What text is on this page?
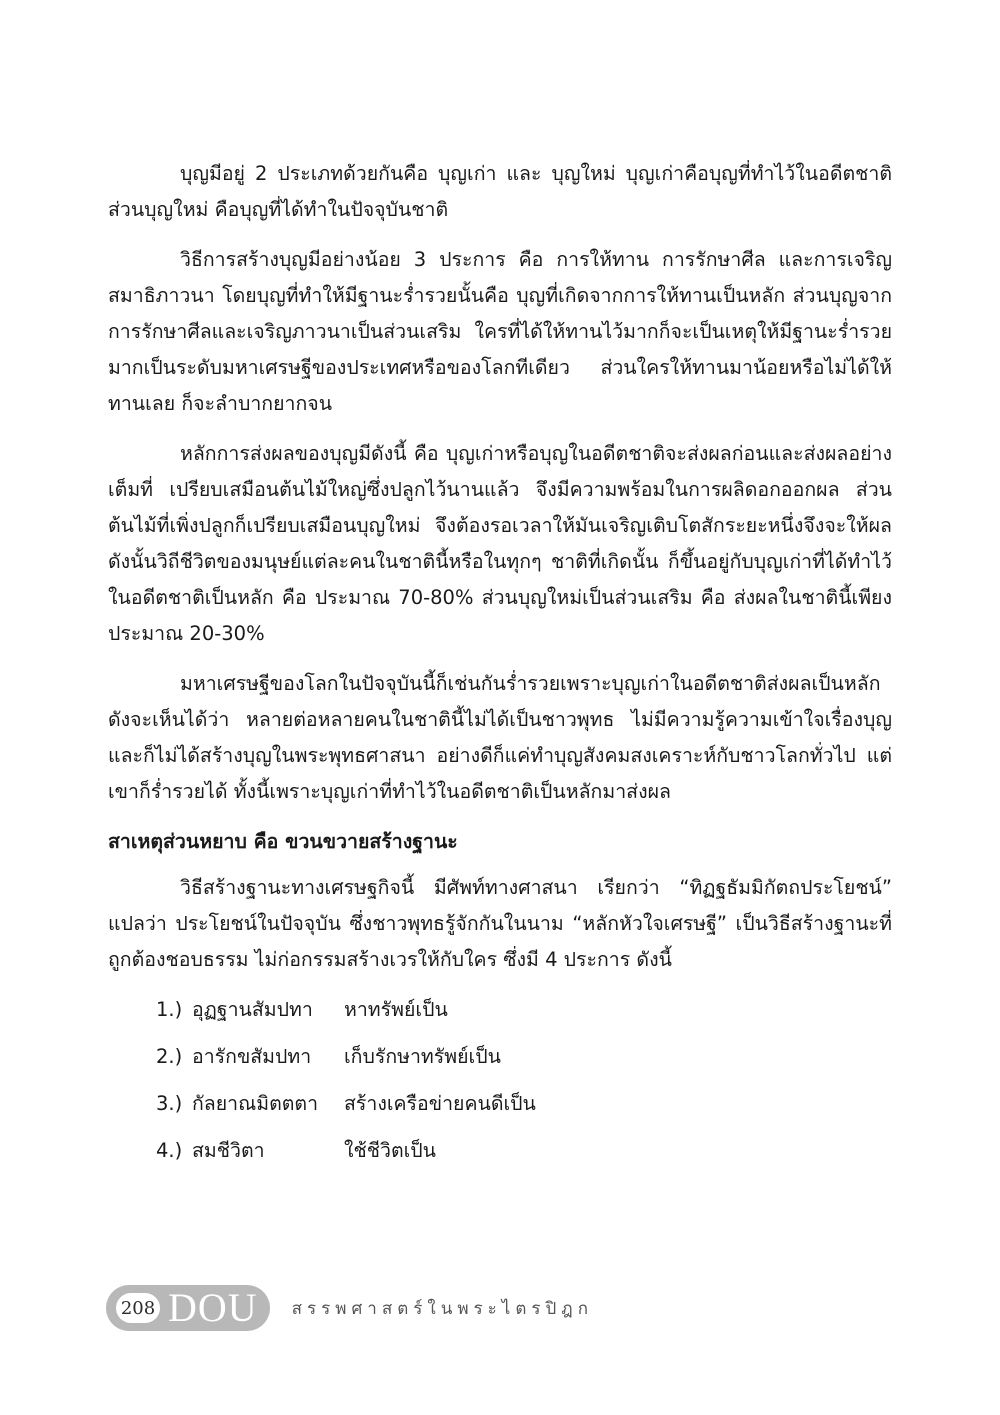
บุญมีอยู่ 2 ประเภทด้วยกันคือ บุญเก่า และ บุญใหม่ บุญเก่าคือบุญที่ทำไว้ในอดีตชาติ ส่วนบุญใหม่ คือบุญที่ได้ทำในปัจจุบันชาติ

วิธีการสร้างบุญมีอย่างน้อย 3 ประการ คือ การให้ทาน การรักษาศีล และการเจริญสมาธิภาวนา โดยบุญที่ทำให้มีฐานะร่ำรวยนั้นคือ บุญที่เกิดจากการให้ทานเป็นหลัก ส่วนบุญจากการรักษาศีลและเจริญภาวนาเป็นส่วนเสริม ใครที่ได้ให้ทานไว้มากก็จะเป็นเหตุให้มีฐานะร่ำรวยมากเป็นระดับมหาเศรษฐีของประเทศหรือของโลกทีเดียว ส่วนใครให้ทานมาน้อยหรือไม่ได้ให้ทานเลย ก็จะลำบากยากจน

หลักการส่งผลของบุญมีดังนี้ คือ บุญเก่าหรือบุญในอดีตชาติจะส่งผลก่อนและส่งผลอย่างเต็มที่ เปรียบเสมือนต้นไม้ใหญ่ซึ่งปลูกไว้นานแล้ว จึงมีความพร้อมในการผลิดอกออกผล ส่วนต้นไม้ที่เพิ่งปลูกก็เปรียบเสมือนบุญใหม่ จึงต้องรอเวลาให้มันเจริญเติบโตสักระยะหนึ่งจึงจะให้ผล ดังนั้นวิถีชีวิตของมนุษย์แต่ละคนในชาตินี้หรือในทุกๆ ชาติที่เกิดนั้น ก็ขึ้นอยู่กับบุญเก่าที่ได้ทำไว้ในอดีตชาติเป็นหลัก คือ ประมาณ 70-80% ส่วนบุญใหม่เป็นส่วนเสริม คือ ส่งผลในชาตินี้เพียงประมาณ 20-30%

มหาเศรษฐีของโลกในปัจจุบันนี้ก็เช่นกันร่ำรวยเพราะบุญเก่าในอดีตชาติส่งผลเป็นหลัก ดังจะเห็นได้ว่า หลายต่อหลายคนในชาตินี้ไม่ได้เป็นชาวพุทธ ไม่มีความรู้ความเข้าใจเรื่องบุญ และก็ไม่ได้สร้างบุญในพระพุทธศาสนา อย่างดีก็แค่ทำบุญสังคมสงเคราะห์กับชาวโลกทั่วไป แต่เขาก็ร่ำรวยได้ ทั้งนี้เพราะบุญเก่าที่ทำไว้ในอดีตชาติเป็นหลักมาส่งผล

สาเหตุส่วนหยาบ คือ ขวนขวายสร้างฐานะ

วิธีสร้างฐานะทางเศรษฐกิจนี้ มีศัพท์ทางศาสนา เรียกว่า “ทิฏฐธัมมิกัตถประโยชน์” แปลว่า ประโยชน์ในปัจจุบัน ซึ่งชาวพุทธรู้จักกันในนาม “หลักหัวใจเศรษฐี” เป็นวิธีสร้างฐานะที่ถูกต้องชอบธรรม ไม่ก่อกรรมสร้างเวรให้กับใคร ซึ่งมี 4 ประการ ดังนี้

1.) อุฏฐานสัมปทา	หาทรัพย์เป็น
2.) อารักขสัมปทา	เก็บรักษาทรัพย์เป็น
3.) กัลยาณมิตตตา	สร้างเครือข่ายคนดีเป็น
4.) สมชีวิตา	ใช้ชีวิตเป็น
208 DOU สรรพศาสตร์ในพระไตรปิฎก
